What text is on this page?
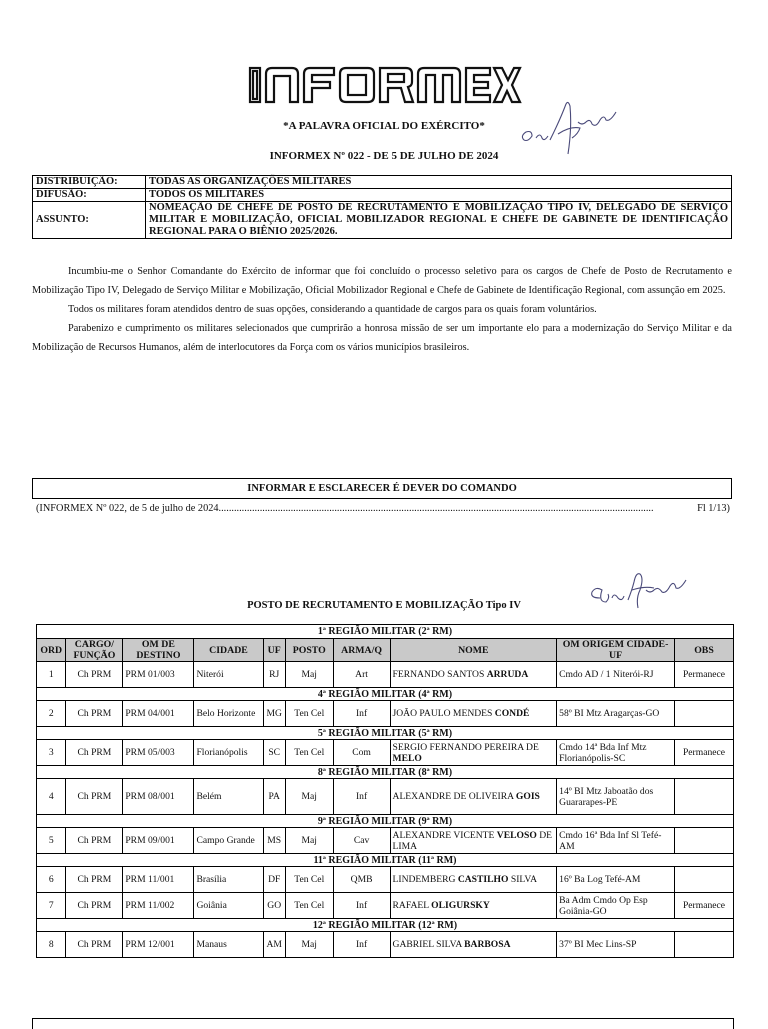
INFORMEX
*A PALAVRA OFICIAL DO EXÉRCITO*
INFORMEX Nº 022 - DE 5 DE JULHO DE 2024
DISTRIBUIÇÃO:	TODAS AS ORGANIZAÇÕES MILITARES
DIFUSÃO:	TODOS OS MILITARES
ASSUNTO:	NOMEAÇÃO DE CHEFE DE POSTO DE RECRUTAMENTO E MOBILIZAÇÃO TIPO IV, DELEGADO DE SERVIÇO MILITAR E MOBILIZAÇÃO, OFICIAL MOBILIZADOR REGIONAL E CHEFE DE GABINETE DE IDENTIFICAÇÃO REGIONAL PARA O BIÊNIO 2025/2026.

Incumbiu-me o Senhor Comandante do Exército de informar que foi concluído o processo seletivo para os cargos de Chefe de Posto de Recrutamento e Mobilização Tipo IV, Delegado de Serviço Militar e Mobilização, Oficial Mobilizador Regional e Chefe de Gabinete de Identificação Regional, com assunção em 2025.

Todos os militares foram atendidos dentro de suas opções, considerando a quantidade de cargos para os quais foram voluntários.

Parabenizo e cumprimento os militares selecionados que cumprirão a honrosa missão de ser um importante elo para a modernização do Serviço Militar e da Mobilização de Recursos Humanos, além de interlocutores da Força com os vários municípios brasileiros.

INFORMAR E ESCLARECER É DEVER DO COMANDO
(INFORMEX Nº 022, de 5 de julho de 2024 .........................................................................................................................................................................	Fl 1/13)
POSTO DE RECRUTAMENTO E MOBILIZAÇÃO Tipo IV
1ª REGIÃO MILITAR (2ª RM)									
ORD	CARGO/ FUNÇÃO	OM DE DESTINO	CIDADE	UF	POSTO	ARMA/Q	NOME	OM ORIGEM CIDADE-UF	OBS
1	Ch PRM	PRM 01/003	Niterói	RJ	Maj	Art	FERNANDO SANTOS ARRUDA	Cmdo AD / 1 Niterói-RJ	Permanece
4ª REGIÃO MILITAR (4ª RM)									
2	Ch PRM	PRM 04/001	Belo Horizonte	MG	Ten Cel	Inf	JOÃO PAULO MENDES CONDÉ	58º BI Mtz Aragarças-GO	
5ª REGIÃO MILITAR (5ª RM)									
3	Ch PRM	PRM 05/003	Florianópolis	SC	Ten Cel	Com	SERGIO FERNANDO PEREIRA DE MELO	Cmdo 14ª Bda Inf Mtz Florianópolis-SC	Permanece
8ª REGIÃO MILITAR (8ª RM)									
4	Ch PRM	PRM 08/001	Belém	PA	Maj	Inf	ALEXANDRE DE OLIVEIRA GOIS	14º BI Mtz Jaboatão dos Guararapes-PE	
9ª REGIÃO MILITAR (9ª RM)									
5	Ch PRM	PRM 09/001	Campo Grande	MS	Maj	Cav	ALEXANDRE VICENTE VELOSO DE LIMA	Cmdo 16ª Bda Inf Sl Tefé-AM	
11ª REGIÃO MILITAR (11ª RM)									
6	Ch PRM	PRM 11/001	Brasília	DF	Ten Cel	QMB	LINDEMBERG CASTILHO SILVA	16º Ba Log Tefé-AM	
7	Ch PRM	PRM 11/002	Goiânia	GO	Ten Cel	Inf	RAFAEL OLIGURSKY	Ba Adm Cmdo Op Esp Goiânia-GO	Permanece
12ª REGIÃO MILITAR (12ª RM)									
8	Ch PRM	PRM 12/001	Manaus	AM	Maj	Inf	GABRIEL SILVA BARBOSA	37º BI Mec Lins-SP	
